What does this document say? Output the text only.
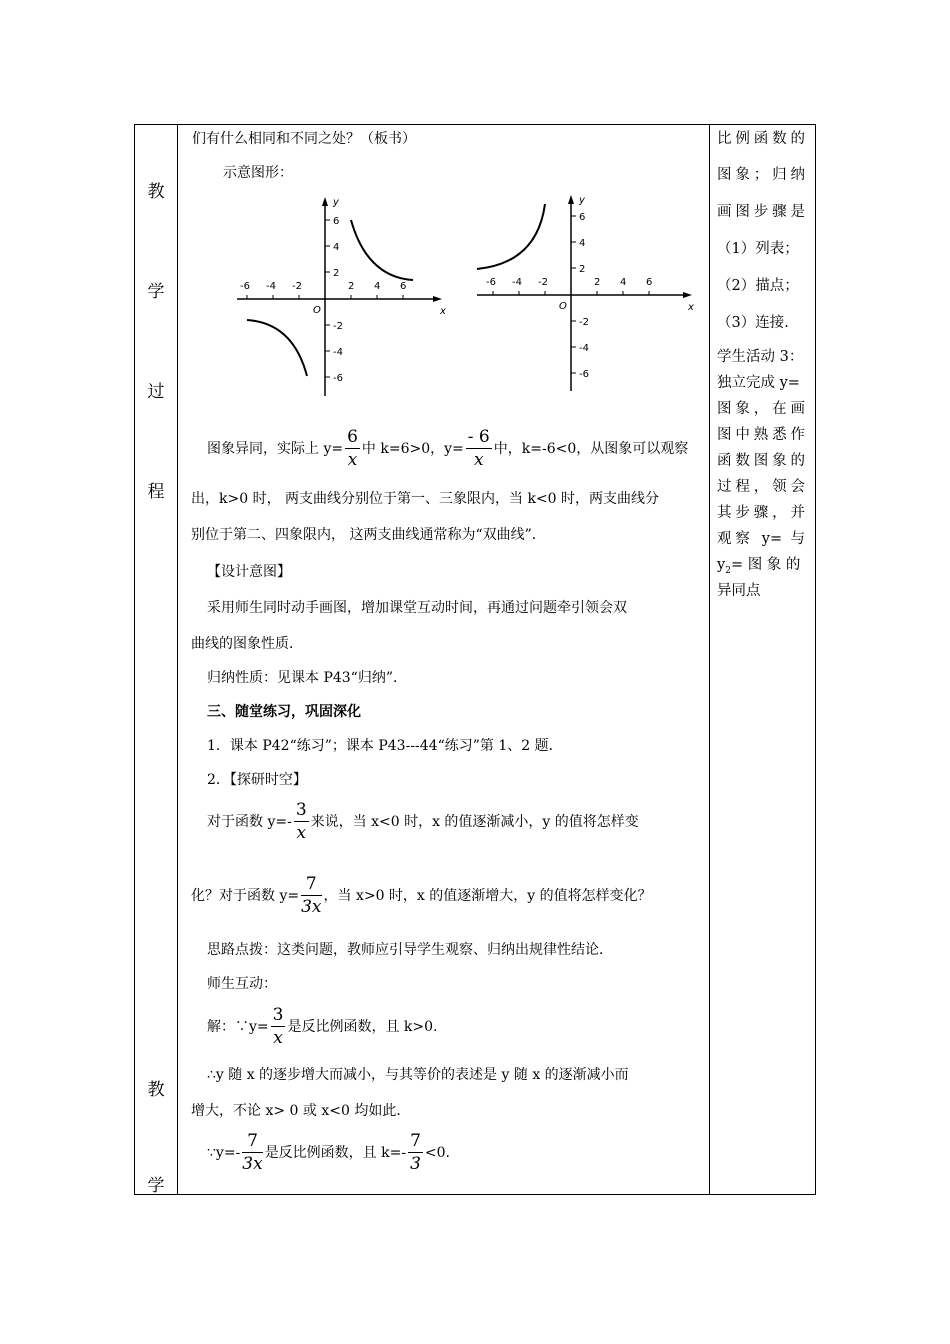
教
学
过
程
教
学
们有什么相同和不同之处？（板书）
示意图形：
-6 -4 -2	2 4 6
6
4
2
-2
-4
-6
O
y
x
-6 -4 -2	2 4 6
6
4
2
-2
-4
-6
O
y
x
图象异同，实际上 $y= \frac{6}{x}$ 中 k=6>0，$y= \frac{- 6}{x}$ 中，k=-6<0，从图象可以观察
出，k>0 时， 两支曲线分别位于第一、三象限内，当 k<0 时，两支曲线分
别位于第二、四象限内， 这两支曲线通常称为“双曲线”．
【设计意图】
采用师生同时动手画图，增加课堂互动时间，再通过问题牵引领会双
曲线的图象性质．
归纳性质：见课本 P43“归纳”．
三、随堂练习，巩固深化
1．课本 P42“练习”；课本 P43---44“练习”第 1、2 题．
2．【探研时空】
对于函数 $y=- \frac{3}{x}$ 来说，当 x<0 时，x 的值逐渐减小，y 的值将怎样变
化？对于函数 $y= \frac{7}{3x}$ ，当 x>0 时，x 的值逐渐增大，y 的值将怎样变化？
思路点拨：这类问题，教师应引导学生观察、归纳出规律性结论．
师生互动：
解：∵y= $\frac{3}{x}$ 是反比例函数，且 k>0.
∴y 随 x 的逐步增大而减小，与其等价的表述是 y 随 x 的逐渐减小而
增大，不论 x> 0 或 x<0 均如此．
∵y=- $\frac{7}{3x}$ 是反比例函数，且 $k=- \frac{7}{3} <0$.
比例函数的
图象；归纳
画图步骤是
（1）列表；
（2）描点；
（3）连接.
学生活动 3：
独立完成 y=
图象，在画
图中熟悉作
函数图象的
过程，领会
其步骤，并
观察 y= 与
$y_2=$ 图 象 的
异同点
